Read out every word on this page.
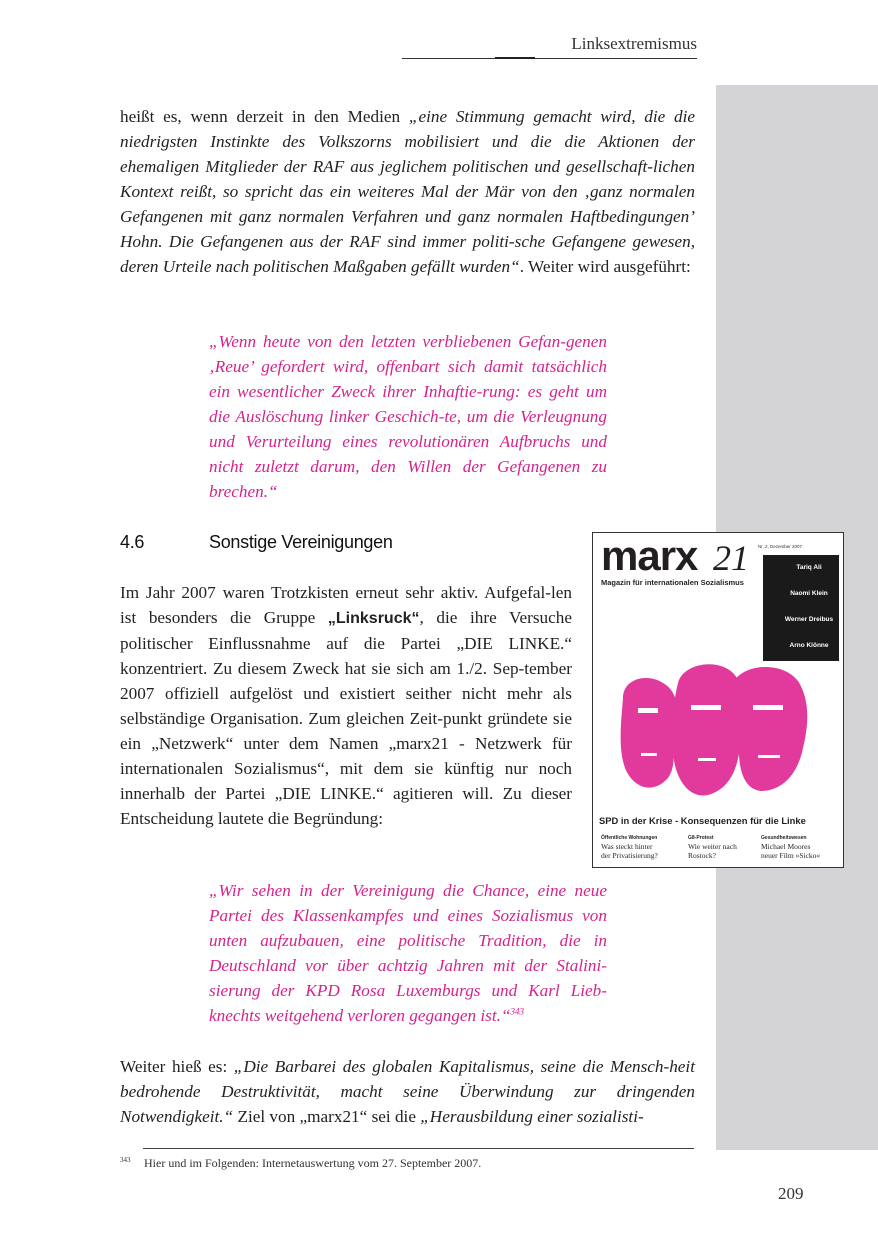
Linksextremismus

heißt es, wenn derzeit in den Medien „eine Stimmung gemacht wird, die die niedrigsten Instinkte des Volkszorns mobilisiert und die die Aktionen der ehemaligen Mitglieder der RAF aus jeglichem politischen und gesellschaft-lichen Kontext reißt, so spricht das ein weiteres Mal der Mär von den ‚ganz normalen Gefangenen mit ganz normalen Verfahren und ganz normalen Haftbedingungen’ Hohn. Die Gefangenen aus der RAF sind immer politi-sche Gefangene gewesen, deren Urteile nach politischen Maßgaben gefällt wurden“. Weiter wird ausgeführt:

„Wenn heute von den letzten verbliebenen Gefan-genen ‚Reue’ gefordert wird, offenbart sich damit tatsächlich ein wesentlicher Zweck ihrer Inhaftie-rung: es geht um die Auslöschung linker Geschich-te, um die Verleugnung und Verurteilung eines revolutionären Aufbruchs und nicht zuletzt darum, den Willen der Gefangenen zu brechen.“

4.6	Sonstige Vereinigungen

Im Jahr 2007 waren Trotzkisten erneut sehr aktiv. Aufgefal-len ist besonders die Gruppe „Linksruck“, die ihre Versuche politischer Einflussnahme auf die Partei „DIE LINKE.“ konzentriert. Zu diesem Zweck hat sie sich am 1./2. Sep-tember 2007 offiziell aufgelöst und existiert seither nicht mehr als selbständige Organisation. Zum gleichen Zeit-punkt gründete sie ein „Netzwerk“ unter dem Namen „marx21 - Netzwerk für internationalen Sozialismus“, mit dem sie künftig nur noch innerhalb der Partei „DIE LINKE.“ agitieren will. Zu dieser Entscheidung lautete die Begründung:

„Wir sehen in der Vereinigung die Chance, eine neue Partei des Klassenkampfes und eines Sozialismus von unten aufzubauen, eine politische Tradition, die in Deutschland vor über achtzig Jahren mit der Stalini-sierung der KPD Rosa Luxemburgs und Karl Lieb-knechts weitgehend verloren gegangen ist.“$^{343}$

Weiter hieß es: „Die Barbarei des globalen Kapitalismus, seine die Mensch-heit bedrohende Destruktivität, macht seine Überwindung zur dringenden Notwendigkeit.“ Ziel von „marx21“ sei die „Herausbildung einer sozialisti-

343 Hier und im Folgenden: Internetauswertung vom 27. September 2007.
209
marx 21 Nr. 2, Dezember 2007
Magazin für internationalen Sozialismus
Tariq Ali
Naomi Klein
Werner Dreibus
Arno Klönne
SPD in der Krise - Konsequenzen für die Linke
Öffentliche Wohnungen
Was steckt hinter
der Privatisierung?
G8-Protest
Wie weiter nach
Rostock?
Gesundheitswesen
Michael Moores
neuer Film »Sicko«
